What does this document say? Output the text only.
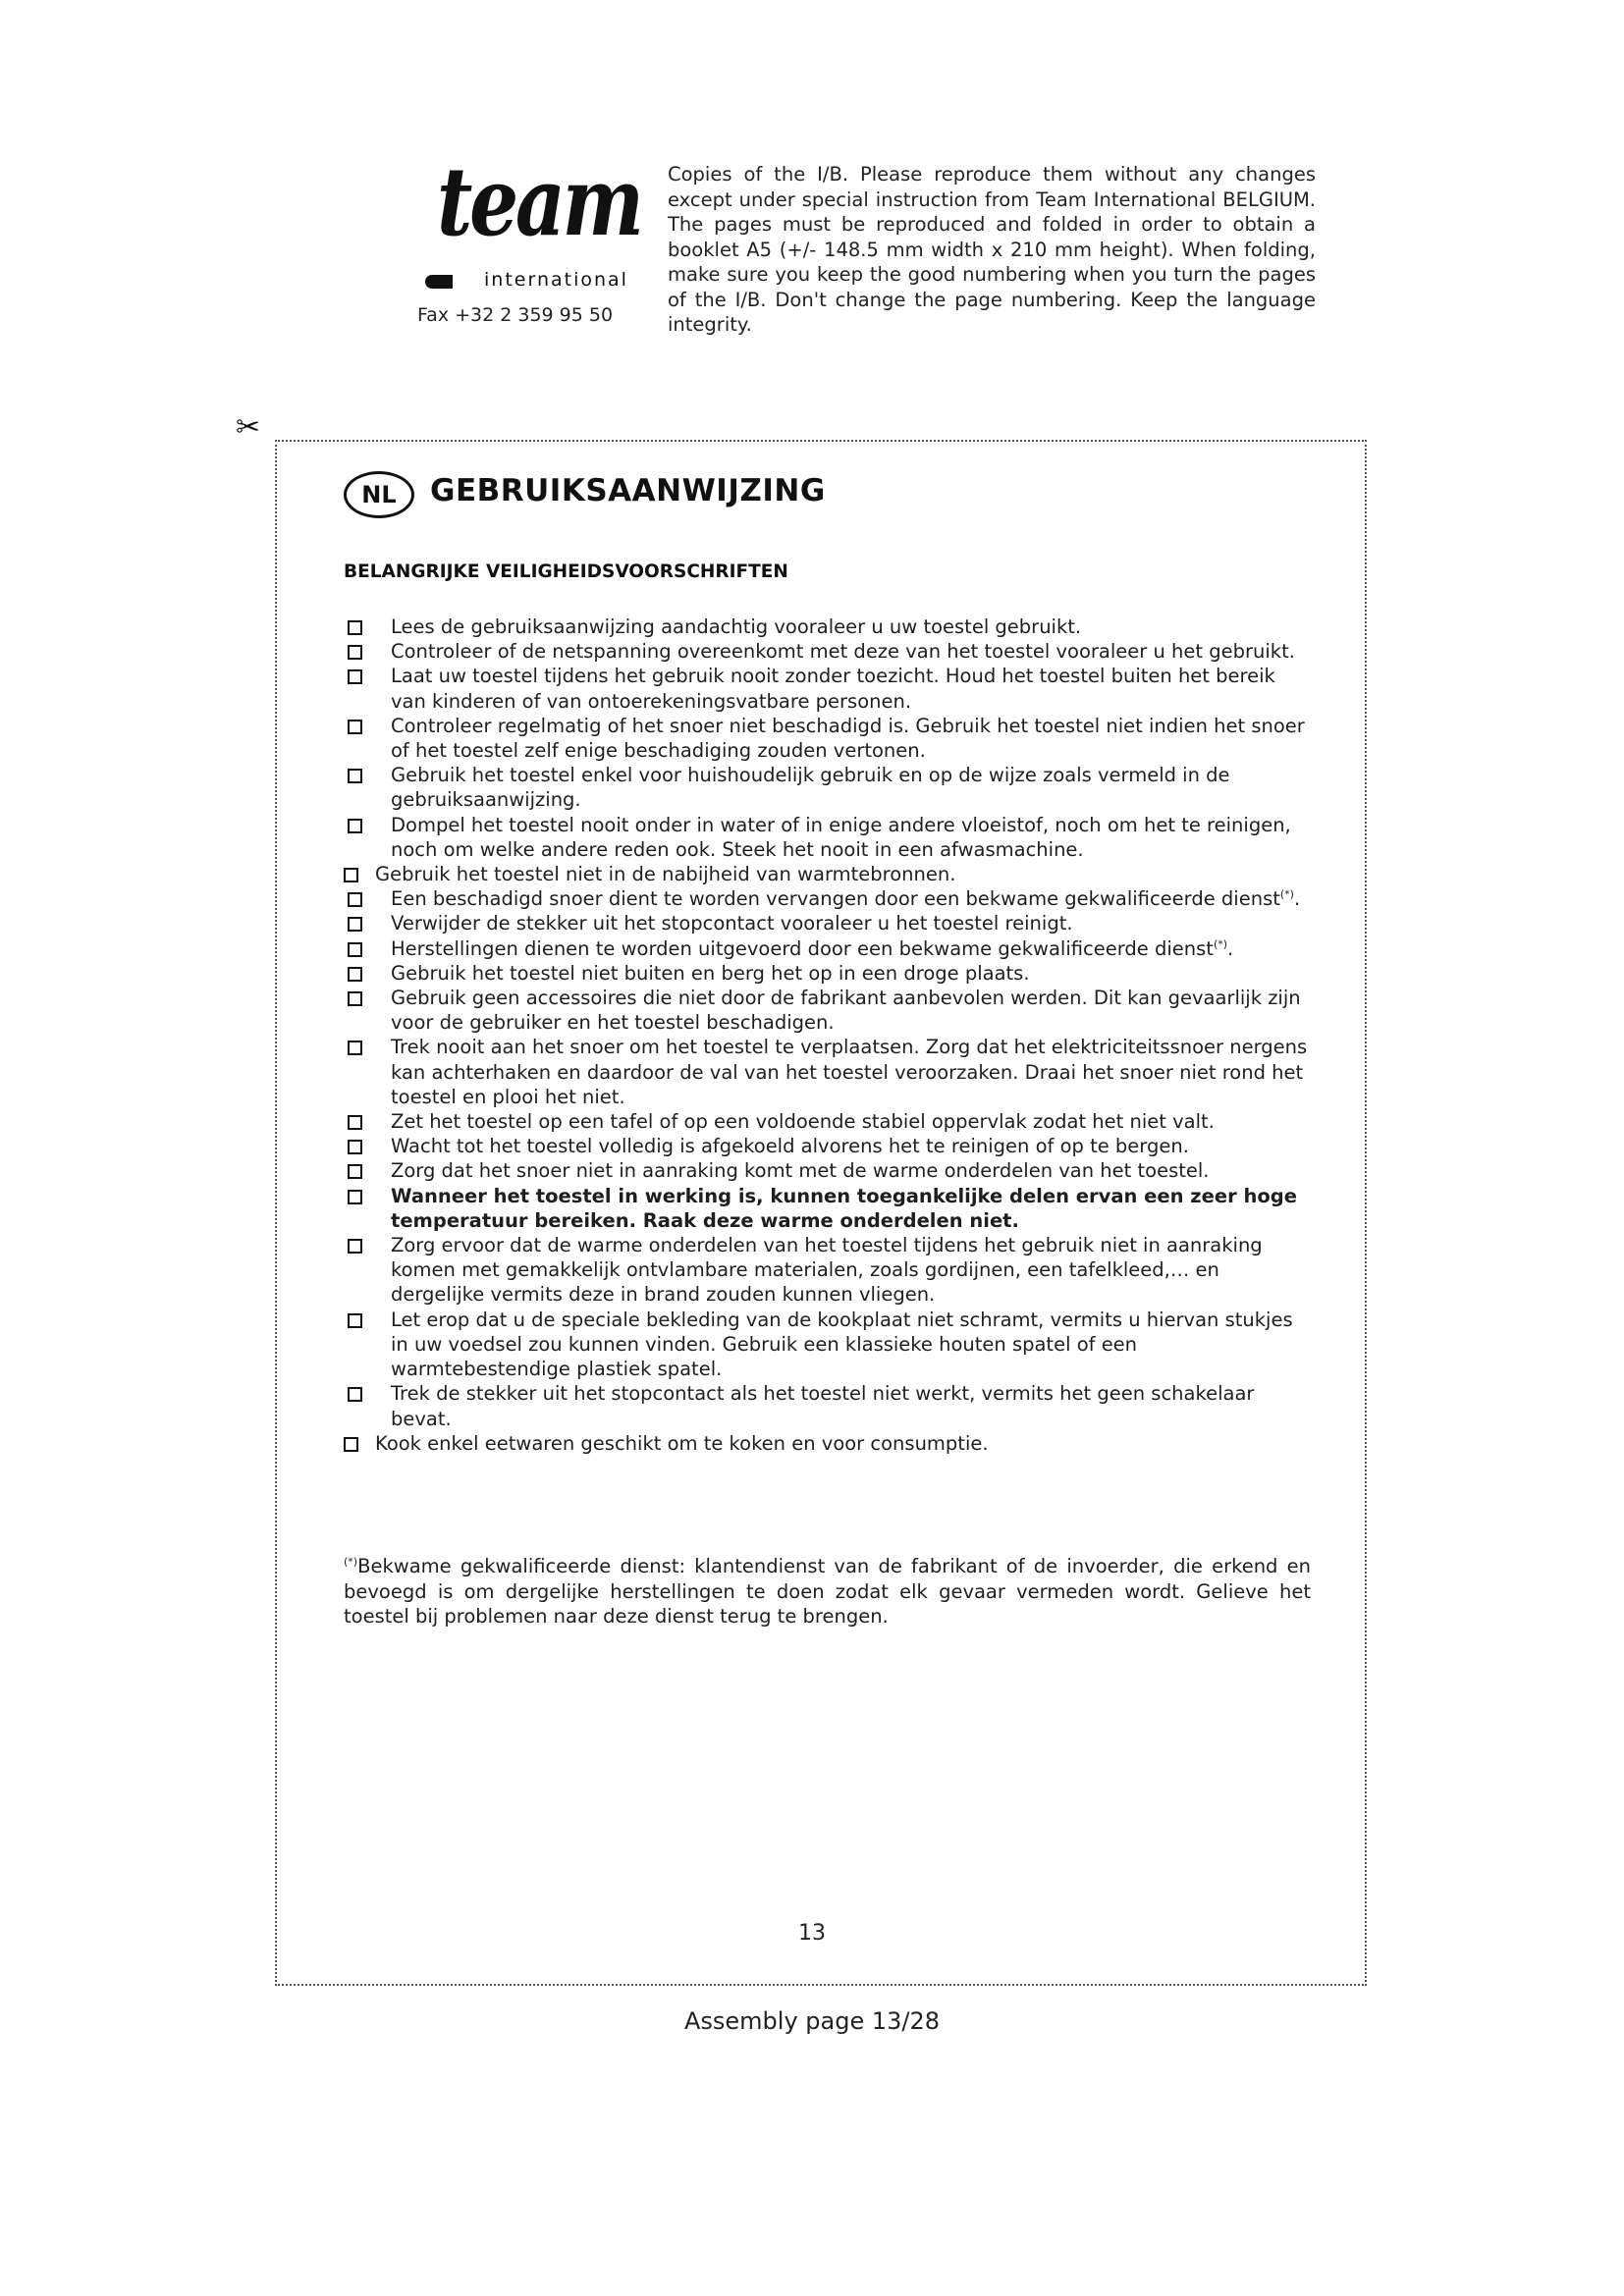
team
international
Fax +32 2 359 95 50
Copies of the I/B. Please reproduce them without any changes except under special instruction from Team International BELGIUM. The pages must be reproduced and folded in order to obtain a booklet A5 (+/- 148.5 mm width x 210 mm height). When folding, make sure you keep the good numbering when you turn the pages of the I/B. Don't change the page numbering. Keep the language integrity.
✂
NL	GEBRUIKSAANWIJZING
BELANGRIJKE VEILIGHEIDSVOORSCHRIFTEN
Lees de gebruiksaanwijzing aandachtig vooraleer u uw toestel gebruikt.
Controleer of de netspanning overeenkomt met deze van het toestel vooraleer u het gebruikt.
Laat uw toestel tijdens het gebruik nooit zonder toezicht. Houd het toestel buiten het bereik van kinderen of van ontoerekeningsvatbare personen.
Controleer regelmatig of het snoer niet beschadigd is. Gebruik het toestel niet indien het snoer of het toestel zelf enige beschadiging zouden vertonen.
Gebruik het toestel enkel voor huishoudelijk gebruik en op de wijze zoals vermeld in de gebruiksaanwijzing.
Dompel het toestel nooit onder in water of in enige andere vloeistof, noch om het te reinigen, noch om welke andere reden ook. Steek het nooit in een afwasmachine.
Gebruik het toestel niet in de nabijheid van warmtebronnen.
Een beschadigd snoer dient te worden vervangen door een bekwame gekwalificeerde dienst(*).
Verwijder de stekker uit het stopcontact vooraleer u het toestel reinigt.
Herstellingen dienen te worden uitgevoerd door een bekwame gekwalificeerde dienst(*).
Gebruik het toestel niet buiten en berg het op in een droge plaats.
Gebruik geen accessoires die niet door de fabrikant aanbevolen werden. Dit kan gevaarlijk zijn voor de gebruiker en het toestel beschadigen.
Trek nooit aan het snoer om het toestel te verplaatsen. Zorg dat het elektriciteitssnoer nergens kan achterhaken en daardoor de val van het toestel veroorzaken. Draai het snoer niet rond het toestel en plooi het niet.
Zet het toestel op een tafel of op een voldoende stabiel oppervlak zodat het niet valt.
Wacht tot het toestel volledig is afgekoeld alvorens het te reinigen of op te bergen.
Zorg dat het snoer niet in aanraking komt met de warme onderdelen van het toestel.
Wanneer het toestel in werking is, kunnen toegankelijke delen ervan een zeer hoge temperatuur bereiken. Raak deze warme onderdelen niet.
Zorg ervoor dat de warme onderdelen van het toestel tijdens het gebruik niet in aanraking komen met gemakkelijk ontvlambare materialen, zoals gordijnen, een tafelkleed,… en dergelijke vermits deze in brand zouden kunnen vliegen.
Let erop dat u de speciale bekleding van de kookplaat niet schramt, vermits u hiervan stukjes in uw voedsel zou kunnen vinden. Gebruik een klassieke houten spatel of een warmtebestendige plastiek spatel.
Trek de stekker uit het stopcontact als het toestel niet werkt, vermits het geen schakelaar bevat.
Kook enkel eetwaren geschikt om te koken en voor consumptie.
(*)Bekwame gekwalificeerde dienst: klantendienst van de fabrikant of de invoerder, die erkend en bevoegd is om dergelijke herstellingen te doen zodat elk gevaar vermeden wordt. Gelieve het toestel bij problemen naar deze dienst terug te brengen.
13
Assembly page 13/28
